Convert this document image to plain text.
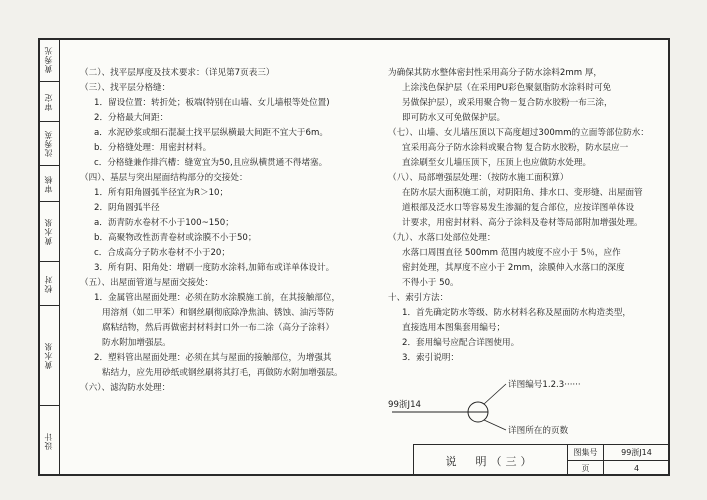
黄秀光
审定
沈秀英
审核
黄水泉
校对
黄水泉
设计
（二）、找平层厚度及技术要求：（详见第7页表三）
（三）、找平层分格缝：
1．留设位置：转折处；板端(特别在山墙、女儿墙根等处位置)
2．分格最大间距：
a．水泥砂浆或细石混凝土找平层纵横最大间距不宜大于6m。
b．分格缝处理：用密封材料。
c．分格缝兼作排汽槽：缝宽宜为50,且应纵横贯通不得堵塞。
（四）、基层与突出屋面结构部分的交接处：
1．所有阳角圆弧半径宜为R＞10；
2．阴角圆弧半径
a．沥青防水卷材不小于100~150；
b．高聚物改性沥青卷材或涂膜不小于50；
c．合成高分子防水卷材不小于20；
3．所有阴、阳角处：增刷一度防水涂料,加筛布或详单体设计。
（五）、出屋面管道与屋面交接处：
1．金属管出屋面处理：必须在防水涂膜施工前，在其接触部位，
用溶剂（如二甲苯）和钢丝刷彻底除净焦油、锈蚀、油污等防
腐粘结物，然后再做密封材料封口外一布二涂（高分子涂料）
防水附加增强层。
2．塑料管出屋面处理：必须在其与屋面的接触部位，为增强其
粘结力，应先用砂纸或钢丝刷将其打毛，再做防水附加增强层。
（六）、滤沟防水处理：
为确保其防水整体密封性采用高分子防水涂料2mm 厚，
上涂浅色保护层（在采用PU彩色聚氨脂防水涂料时可免
另做保护层），或采用聚合物－复合防水胶粉一布三涂，
即可防水又可免做保护层。
（七）、山墙、女儿墙压顶以下高度超过300mm的立面等部位防水：
宜采用高分子防水涂料或聚合物 复合防水胶粉，防水层应一
直涂刷至女儿墙压顶下，压顶上也应做防水处理。
（八）、局部增强层处理：（按防水施工面积算）
在防水层大面积施工前，对阴阳角、排水口、变形缝、出屋面管
道根部及泛水口等容易发生渗漏的复合部位，应按详图单体设
计要求，用密封材料、高分子涂料及卷材等局部附加增强处理。
（九）、水落口处部位处理：
水落口周围直径 500mm 范围内坡度不应小于 5％，应作
密封处理，其厚度不应小于 2mm，涂膜伸入水落口的深度
不得小于 50。
十、索引方法：
1．首先确定防水等级、防水材料名称及屋面防水构造类型，
直接选用本图集套用编号；
2．套用编号应配合详图使用。
3．索引说明：
详图编号1.2.3······
99浙J14
详图所在的页数
说　明（三）
图集号	99浙J14
页	4
